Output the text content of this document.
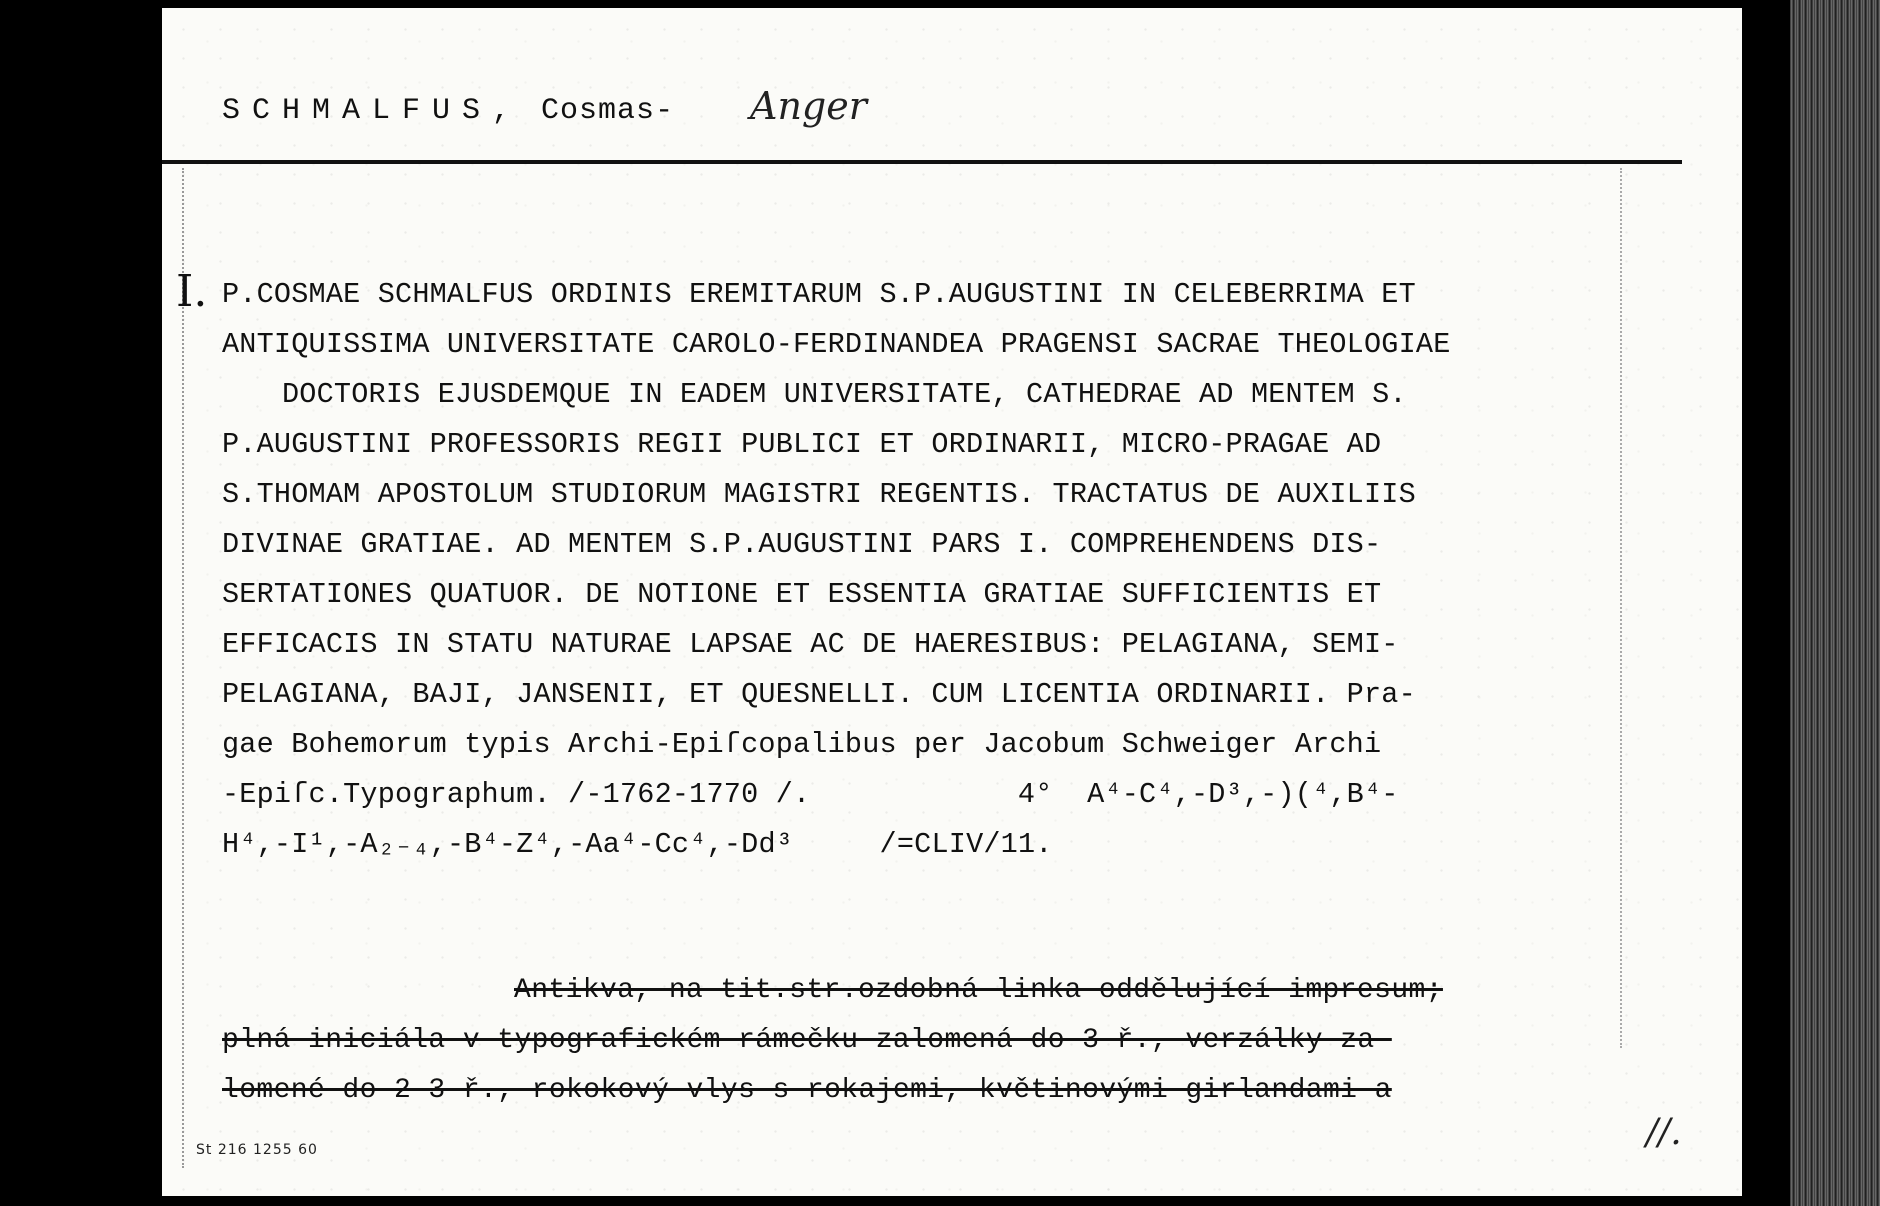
SCHMALFUS, Cosmas- Anger
I. P.COSMAE SCHMALFUS ORDINIS EREMITARUM S.P.AUGUSTINI IN CELEBERRIMA ET
ANTIQUISSIMA UNIVERSITATE CAROLO-FERDINANDEA PRAGENSI SACRAE THEOLOGIAE
DOCTORIS EJUSDEMQUE IN EADEM UNIVERSITATE, CATHEDRAE AD MENTEM S.
P.AUGUSTINI PROFESSORIS REGII PUBLICI ET ORDINARII, MICRO-PRAGAE AD
S.THOMAM APOSTOLUM STUDIORUM MAGISTRI REGENTIS. TRACTATUS DE AUXILIIS
DIVINAE GRATIAE. AD MENTEM S.P.AUGUSTINI PARS I. COMPREHENDENS DIS-
SERTATIONES QUATUOR. DE NOTIONE ET ESSENTIA GRATIAE SUFFICIENTIS ET
EFFICACIS IN STATU NATURAE LAPSAE AC DE HAERESIBUS: PELAGIANA, SEMI-
PELAGIANA, BAJI, JANSENII, ET QUESNELLI. CUM LICENTIA ORDINARII. Pra-
gae Bohemorum typis Archi-Epiſcopalibus per Jacobum Schweiger Archi
-Epiſc.Typographum. /-1762-1770 /.            4°  A⁴-C⁴,-D³,-)(⁴,B⁴-
H⁴,-I¹,-A₂₋₄,-B⁴-Z⁴,-Aa⁴-Cc⁴,-Dd³     /=CLIV/11.
Antikva, na tit.str.ozdobná linka oddělující impresum;
plná iniciála v typografickém rámečku zalomená do 3 ř., verzálky za-
lomené do 2-3 ř., rokokový vlys s rokajemi, květinovými girlandami a
St 216 1255 60	//.
